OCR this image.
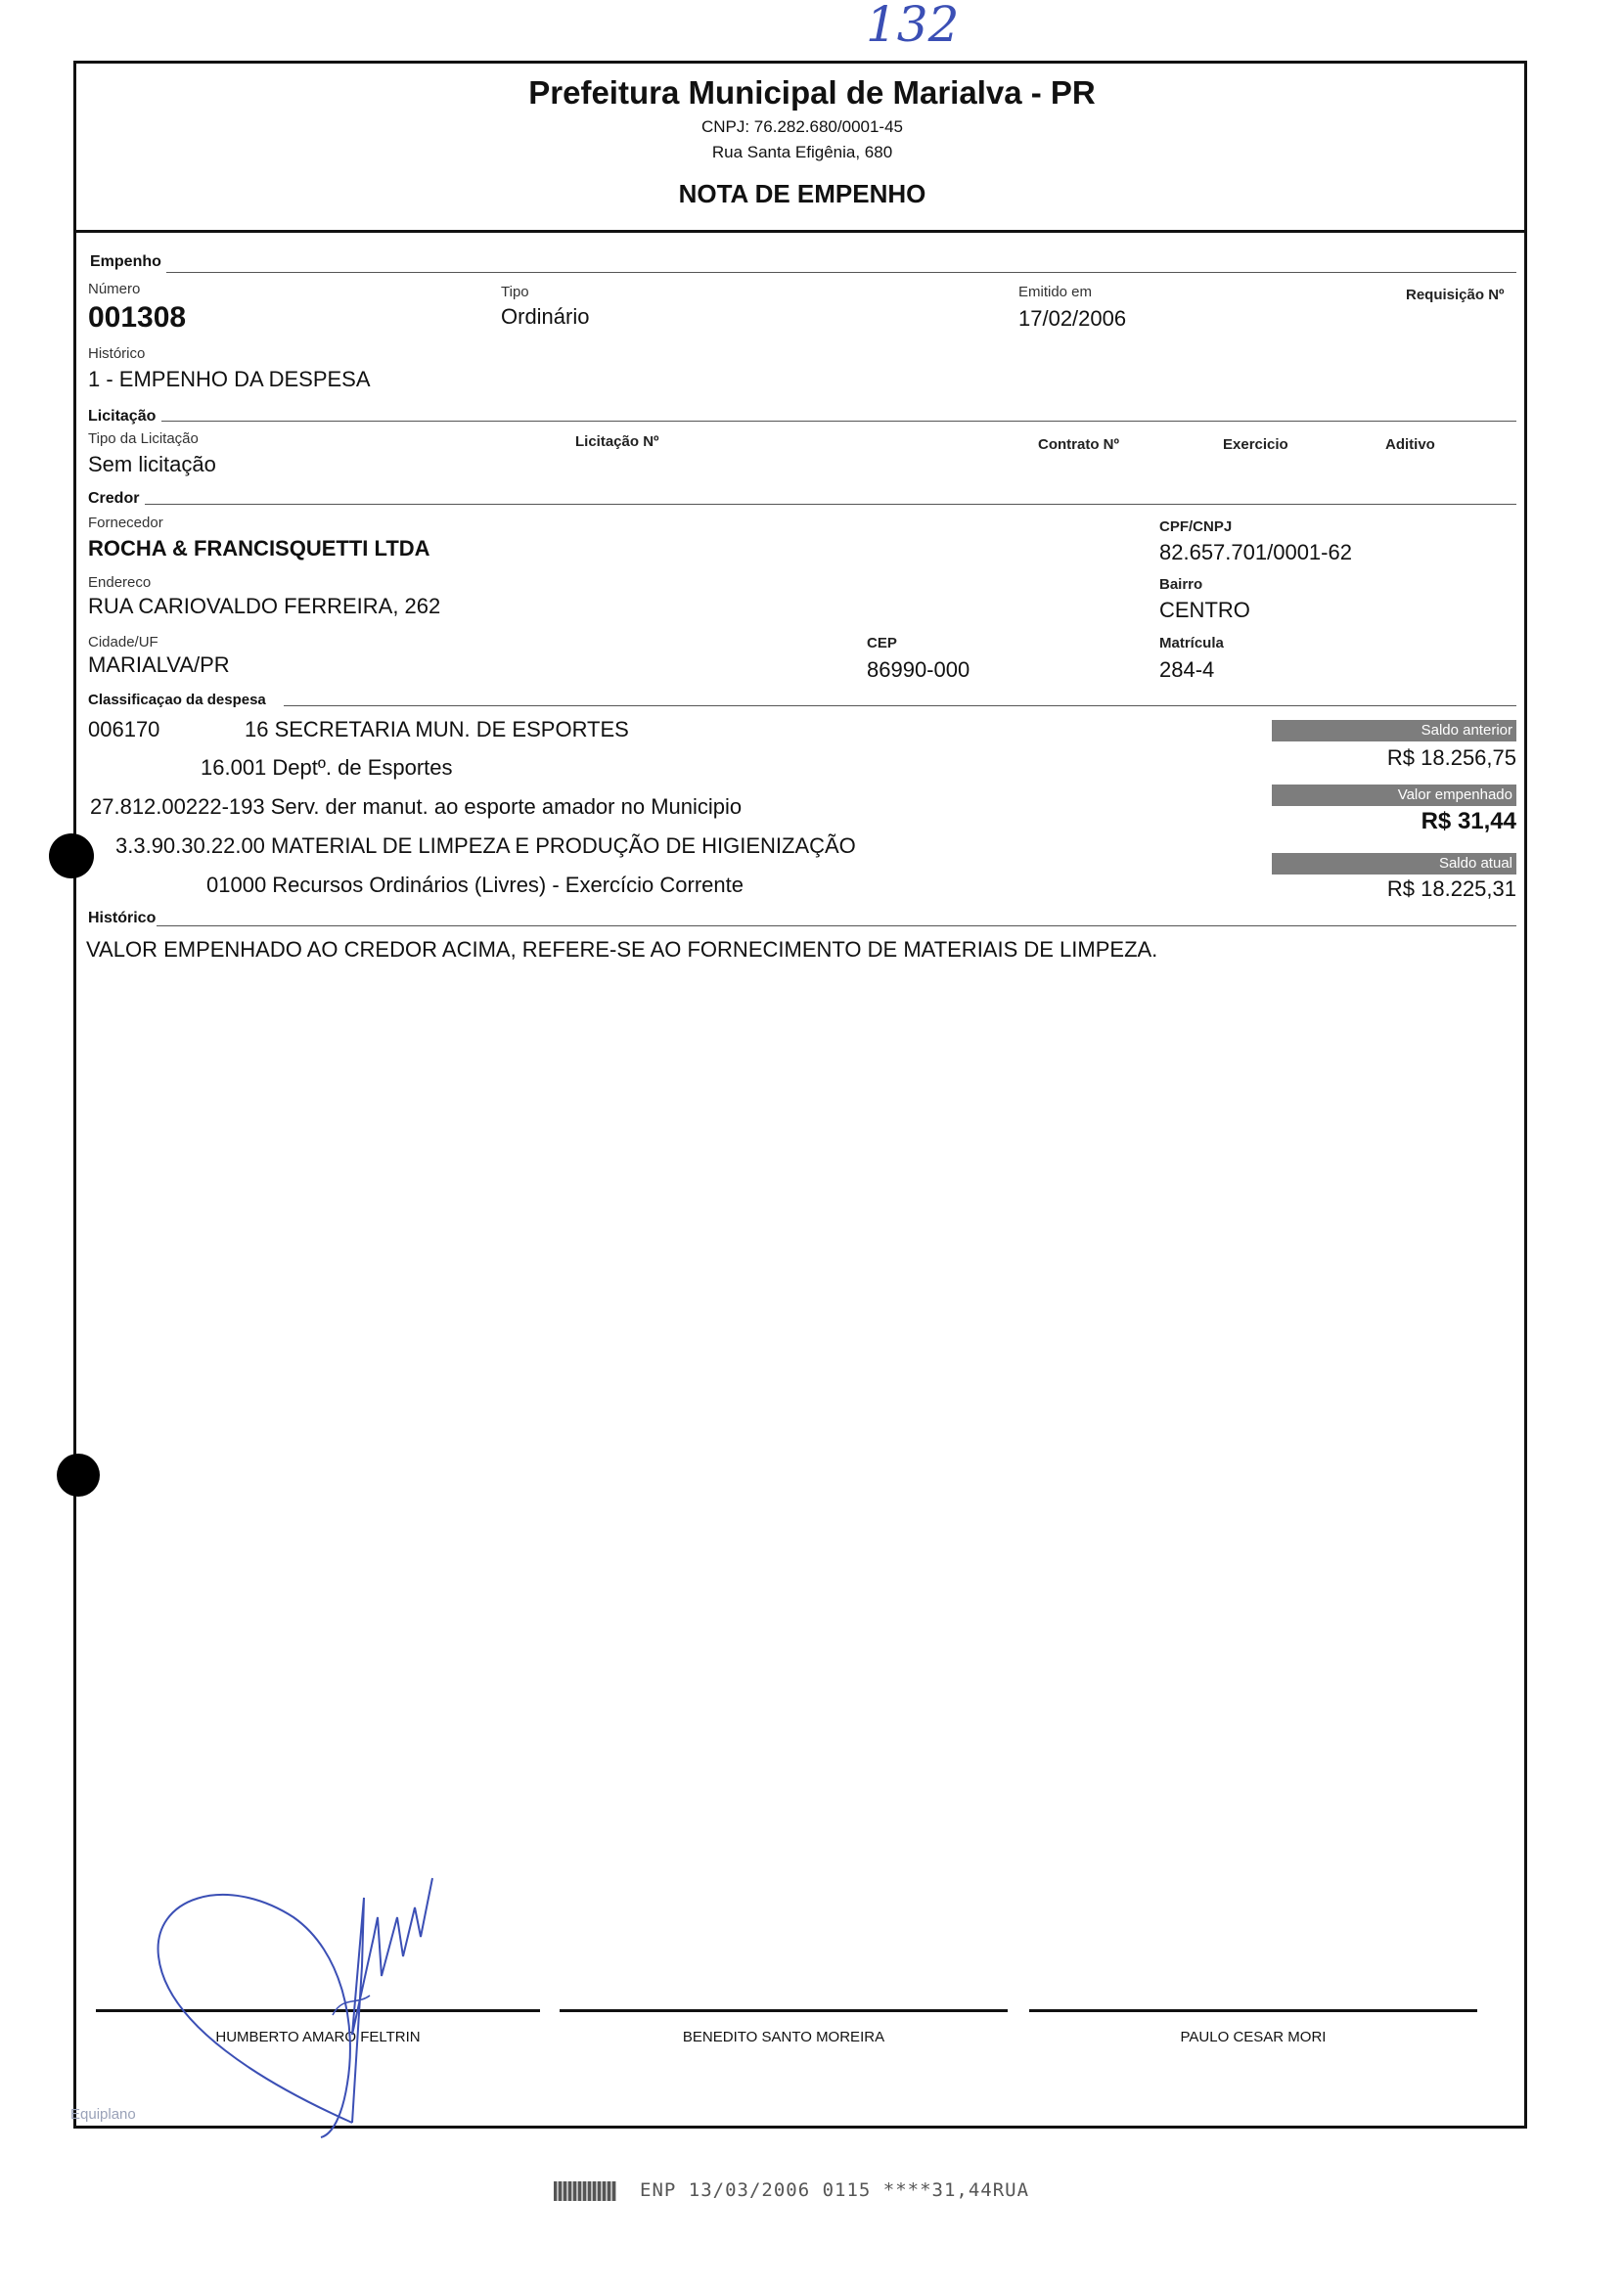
132
Prefeitura Municipal de Marialva - PR
CNPJ: 76.282.680/0001-45
Rua Santa Efigênia, 680
NOTA DE EMPENHO
Empenho
Número
001308
Tipo
Ordinário
Emitido em
17/02/2006
Requisição Nº
Histórico
1 - EMPENHO DA DESPESA
Licitação
Tipo da Licitação
Sem licitação
Licitação Nº	Contrato Nº	Exercicio	Aditivo
Credor
Fornecedor
ROCHA & FRANCISQUETTI LTDA
CPF/CNPJ
82.657.701/0001-62
Endereco
RUA CARIOVALDO FERREIRA, 262
Bairro
CENTRO
Cidade/UF
MARIALVA/PR
CEP
86990-000
Matrícula
284-4
Classificaçao da despesa
006170	16 SECRETARIA MUN. DE ESPORTES
16.001 Deptº. de Esportes
27.812.00222-193 Serv. der manut. ao esporte amador no Municipio
3.3.90.30.22.00 MATERIAL DE LIMPEZA E PRODUÇÃO DE HIGIENIZAÇÃO
01000 Recursos Ordinários (Livres) - Exercício Corrente
Saldo anterior
R$ 18.256,75
Valor empenhado
R$ 31,44
Saldo atual
R$ 18.225,31
Histórico
VALOR EMPENHADO AO CREDOR ACIMA, REFERE-SE AO FORNECIMENTO DE MATERIAIS DE LIMPEZA.
HUMBERTO AMARO FELTRIN	BENEDITO SANTO MOREIRA	PAULO CESAR MORI
Equiplano
ENP 13/03/2006 0115 ****31,44RUA
